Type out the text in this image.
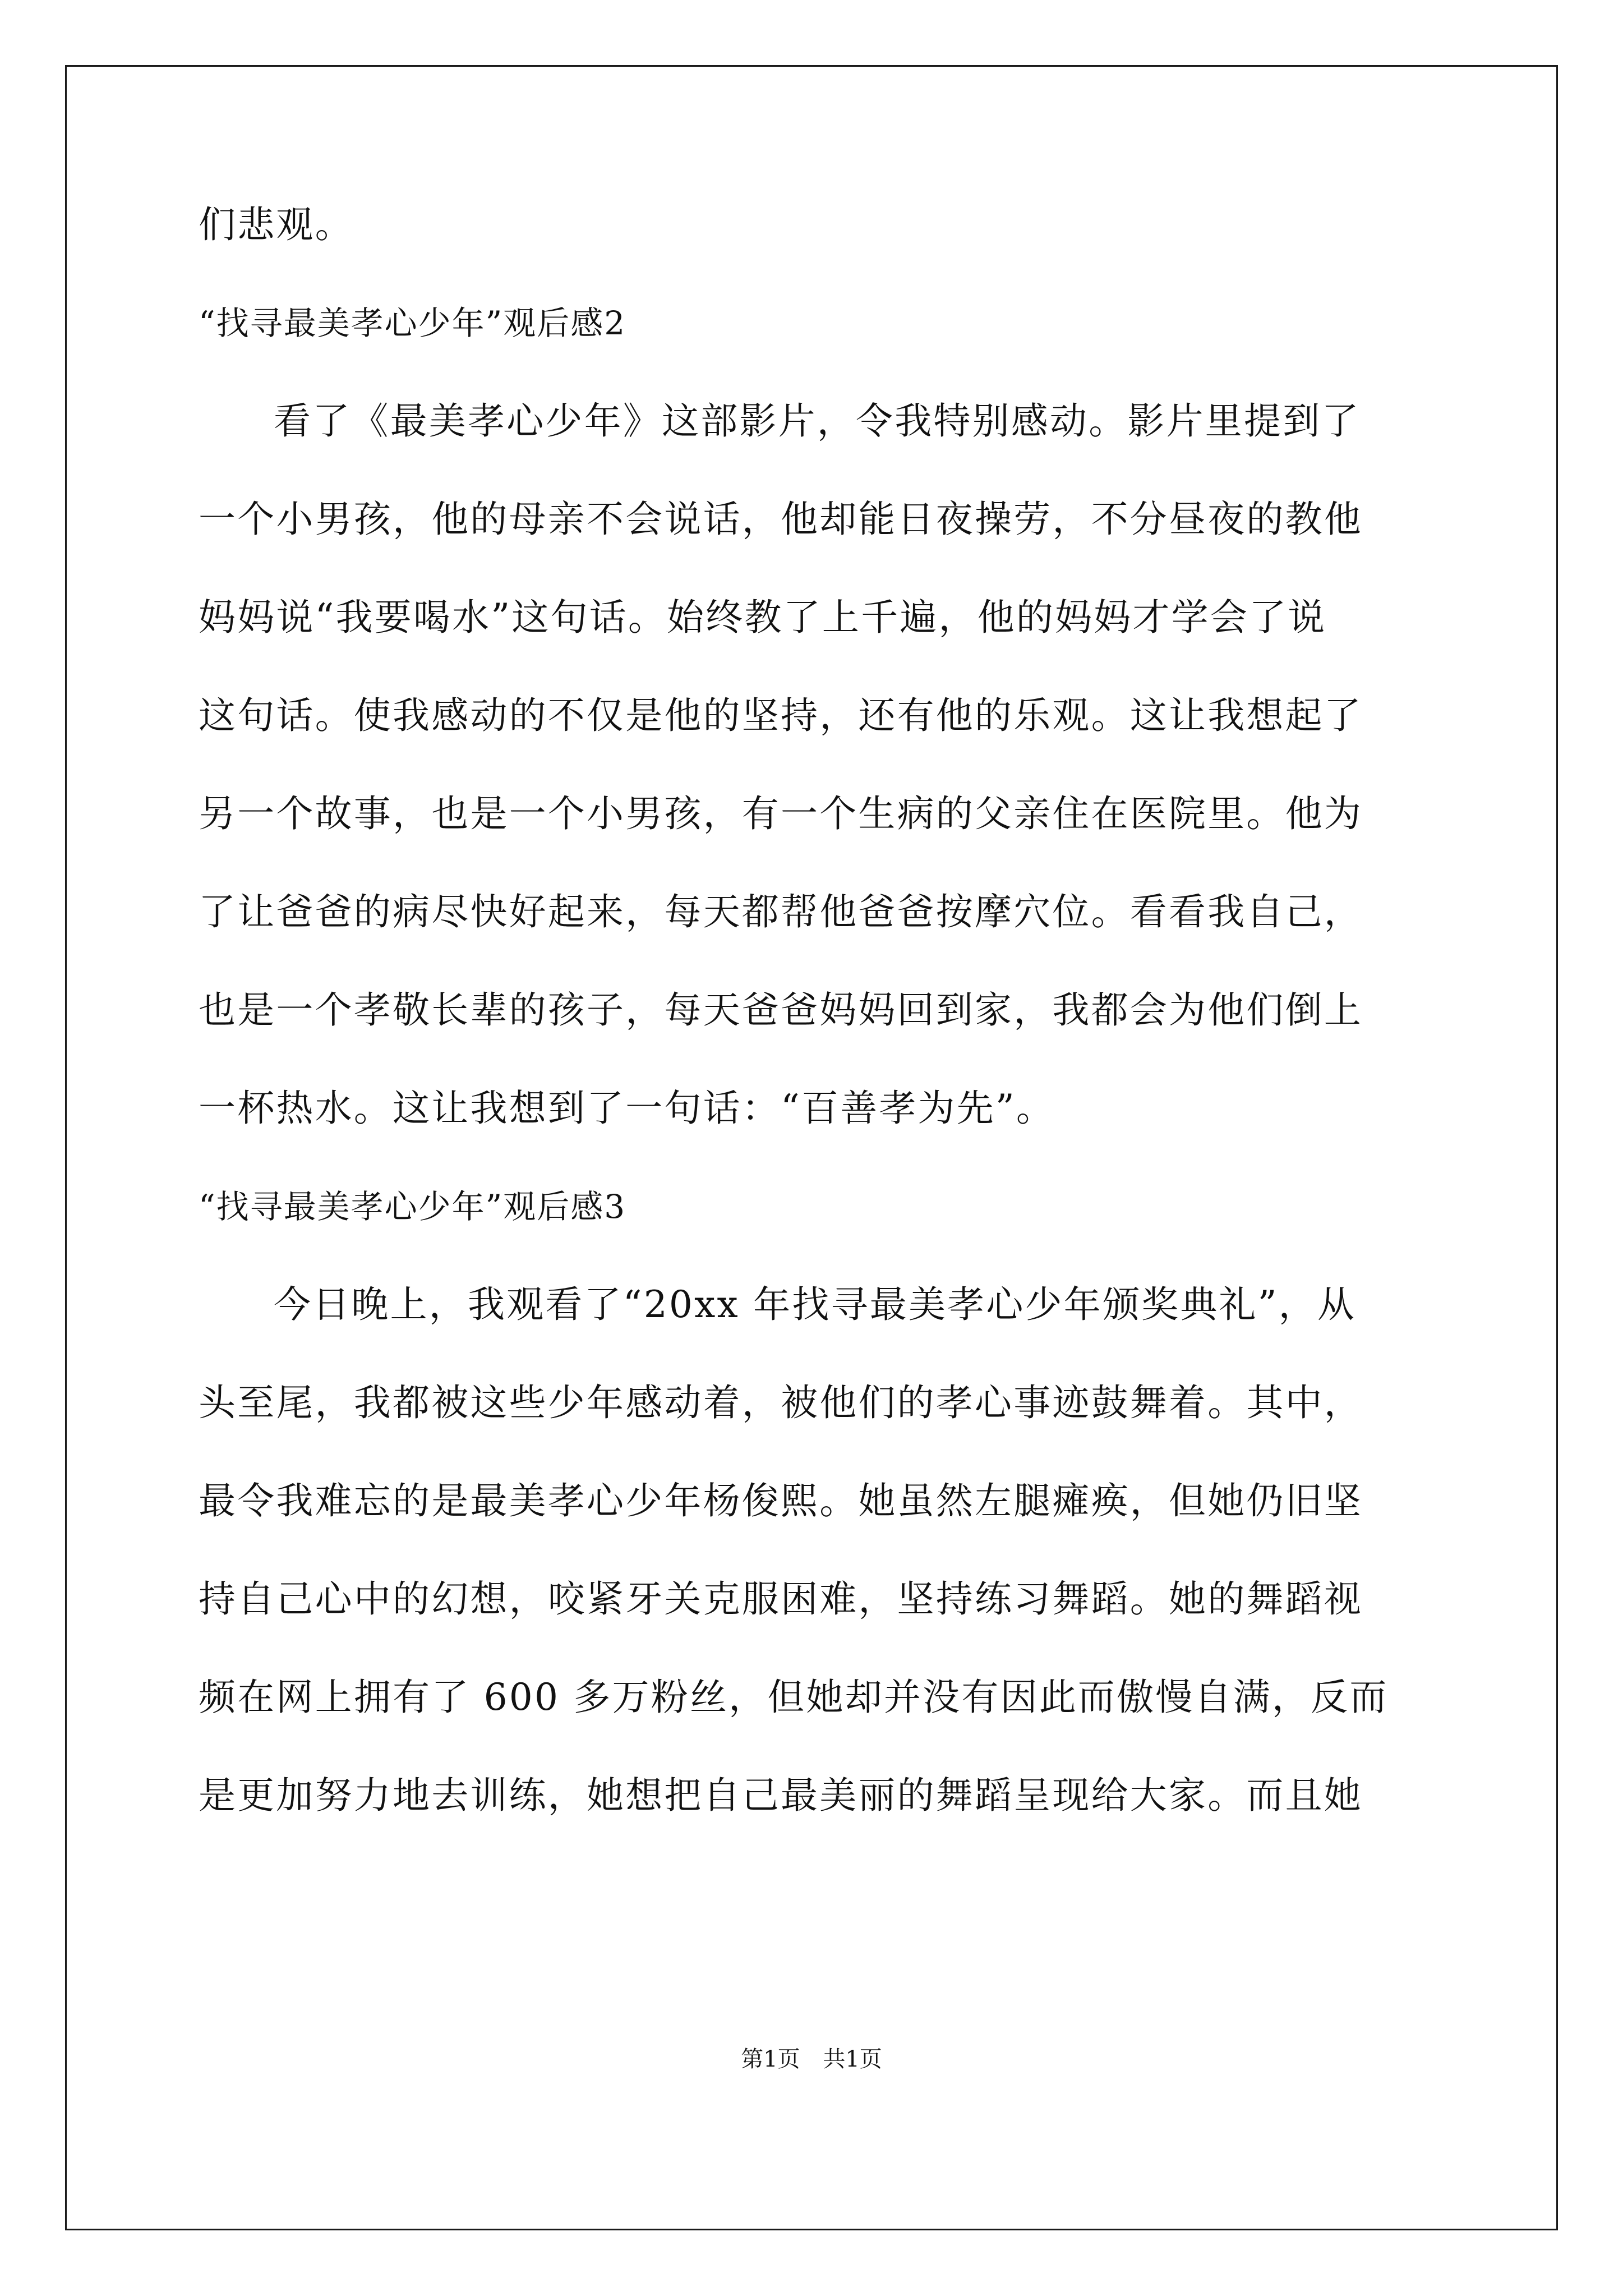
们悲观。
“找寻最美孝心少年”观后感2
看了《最美孝心少年》这部影片，令我特别感动。影片里提到了
一个小男孩，他的母亲不会说话，他却能日夜操劳，不分昼夜的教他
妈妈说“我要喝水”这句话。始终教了上千遍，他的妈妈才学会了说
这句话。使我感动的不仅是他的坚持，还有他的乐观。这让我想起了
另一个故事，也是一个小男孩，有一个生病的父亲住在医院里。他为
了让爸爸的病尽快好起来，每天都帮他爸爸按摩穴位。看看我自己，
也是一个孝敬长辈的孩子，每天爸爸妈妈回到家，我都会为他们倒上
一杯热水。这让我想到了一句话：“百善孝为先”。
“找寻最美孝心少年”观后感3
今日晚上，我观看了“20xx 年找寻最美孝心少年颁奖典礼”，从
头至尾，我都被这些少年感动着，被他们的孝心事迹鼓舞着。其中，
最令我难忘的是最美孝心少年杨俊熙。她虽然左腿瘫痪，但她仍旧坚
持自己心中的幻想，咬紧牙关克服困难，坚持练习舞蹈。她的舞蹈视
频在网上拥有了 600 多万粉丝，但她却并没有因此而傲慢自满，反而
是更加努力地去训练，她想把自己最美丽的舞蹈呈现给大家。而且她
第1页 共1页
